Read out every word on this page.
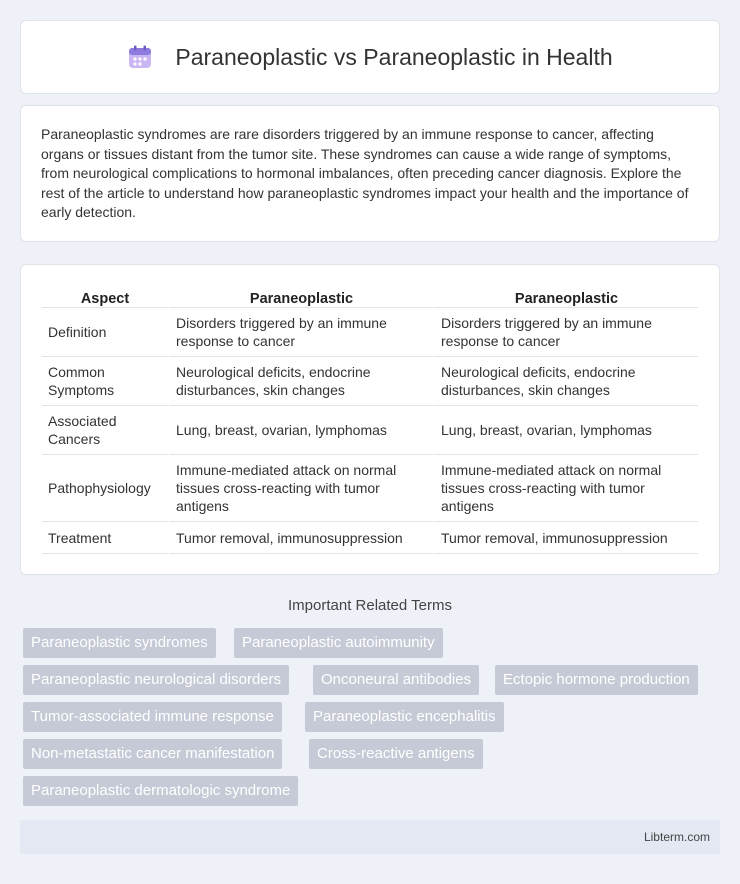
Paraneoplastic vs Paraneoplastic in Health

Paraneoplastic syndromes are rare disorders triggered by an immune response to cancer, affecting organs or tissues distant from the tumor site. These syndromes can cause a wide range of symptoms, from neurological complications to hormonal imbalances, often preceding cancer diagnosis. Explore the rest of the article to understand how paraneoplastic syndromes impact your health and the importance of early detection.

Aspect	Paraneoplastic	Paraneoplastic
Definition	Disorders triggered by an immune response to cancer	Disorders triggered by an immune response to cancer
Common Symptoms	Neurological deficits, endocrine disturbances, skin changes	Neurological deficits, endocrine disturbances, skin changes
Associated Cancers	Lung, breast, ovarian, lymphomas	Lung, breast, ovarian, lymphomas
Pathophysiology	Immune-mediated attack on normal tissues cross-reacting with tumor antigens	Immune-mediated attack on normal tissues cross-reacting with tumor antigens
Treatment	Tumor removal, immunosuppression	Tumor removal, immunosuppression
Important Related Terms
Paraneoplastic syndromes	Paraneoplastic autoimmunity
Paraneoplastic neurological disorders	Onconeural antibodies	Ectopic hormone production
Tumor-associated immune response	Paraneoplastic encephalitis
Non-metastatic cancer manifestation	Cross-reactive antigens
Paraneoplastic dermatologic syndrome
Libterm.com
